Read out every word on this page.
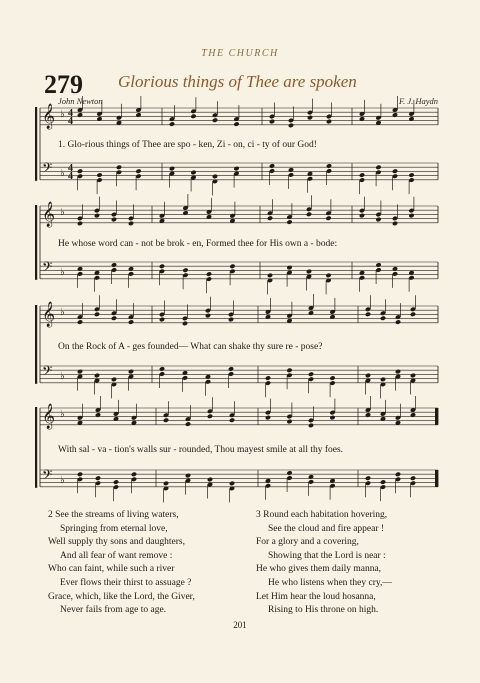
THE CHURCH
279 Glorious things of Thee are spoken
John Newton	F. J. Haydn
𝄞
𝄢
♭
♭
𝄞
𝄢
♭
♭
𝄞
𝄢
♭
♭
𝄞
𝄢
♭
♭
4
4
4
4
1. Glo-rious things of Thee are spo - ken, Zi - on, ci - ty of our God!
He whose word can - not be brok - en, Formed thee for His own a - bode:
On the Rock of A - ges founded— What can shake thy sure re - pose?
With sal - va - tion's walls sur - rounded, Thou mayest smile at all thy foes.
2 See the streams of living waters,
Springing from eternal love,
Well supply thy sons and daughters,
And all fear of want remove :
Who can faint, while such a river
Ever flows their thirst to assuage ?
Grace, which, like the Lord, the Giver,
Never fails from age to age.
3 Round each habitation hovering,
See the cloud and fire appear !
For a glory and a covering,
Showing that the Lord is near :
He who gives them daily manna,
He who listens when they cry,—
Let Him hear the loud hosanna,
Rising to His throne on high.
201
